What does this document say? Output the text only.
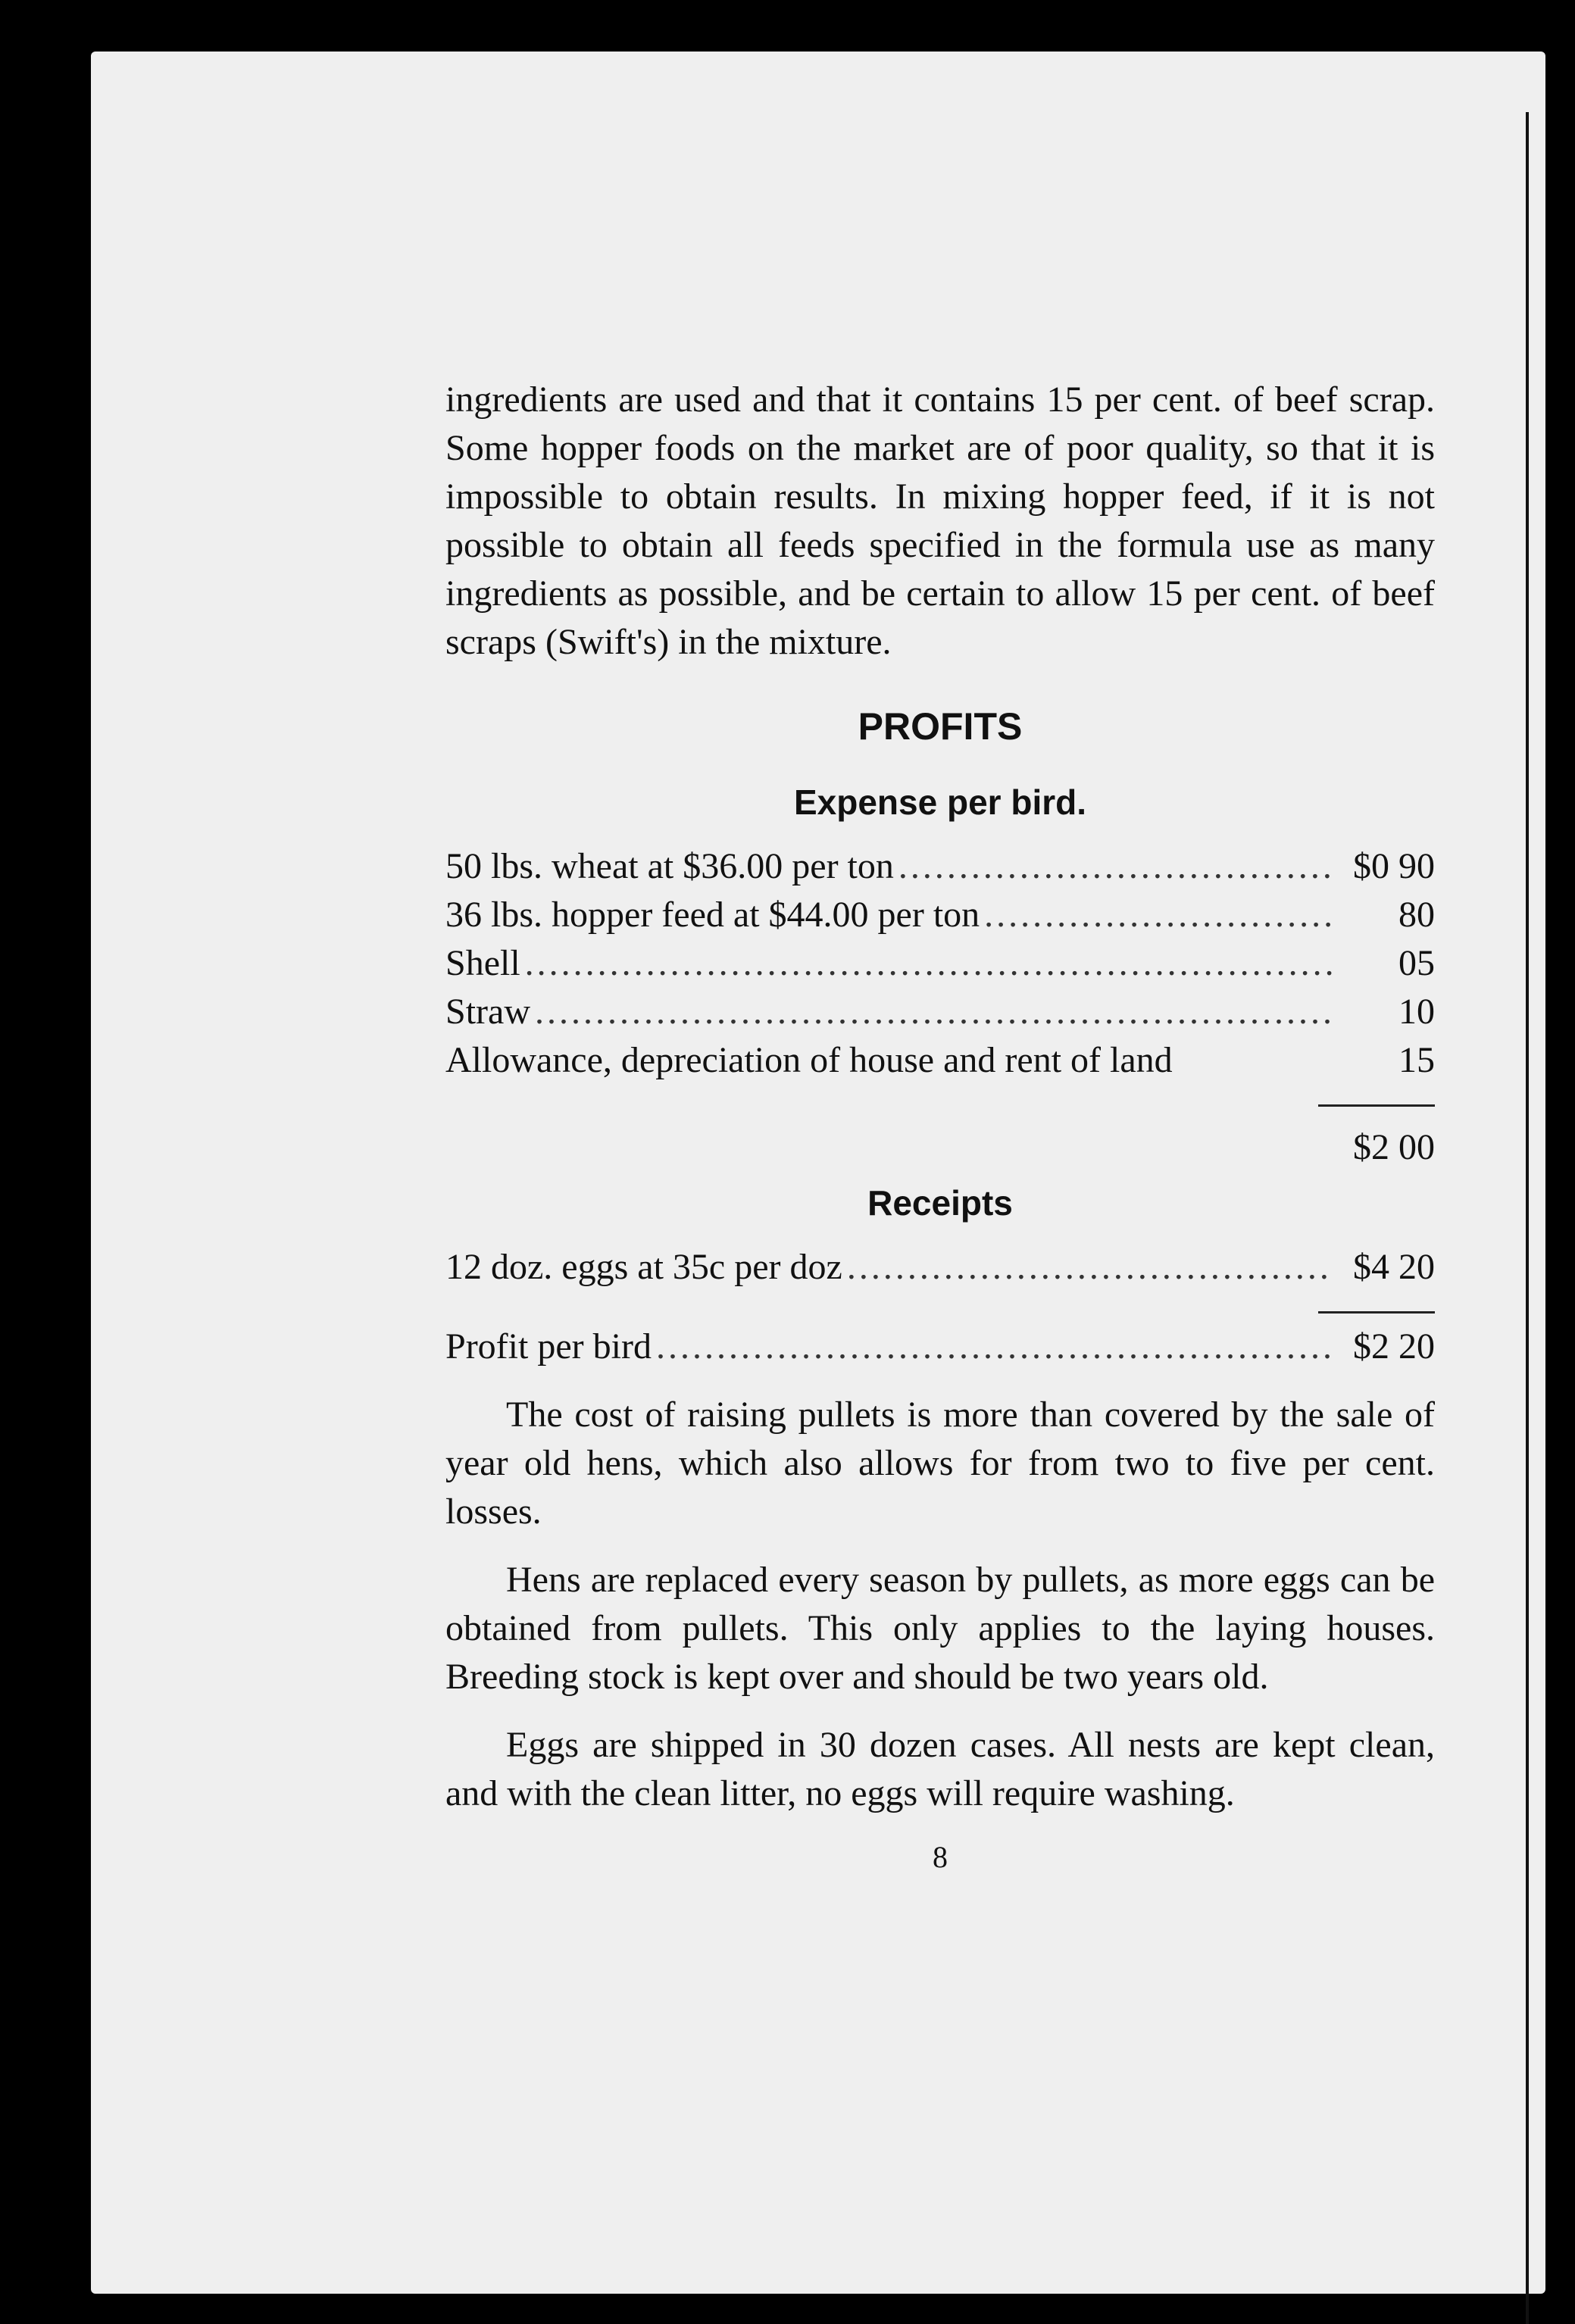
ingredients are used and that it contains 15 per cent. of beef scrap. Some hopper foods on the market are of poor quality, so that it is impossible to obtain results. In mixing hopper feed, if it is not possible to obtain all feeds specified in the formula use as many ingredients as possible, and be certain to allow 15 per cent. of beef scraps (Swift's) in the mixture.

PROFITS

Expense per bird.

50 lbs. wheat at $36.00 per ton .....	$0 90
36 lbs. hopper feed at $44.00 per ton .....	80
Shell .....	05
Straw .....	10
Allowance, depreciation of house and rent of land	15
$2 00

Receipts

12 doz. eggs at 35c per doz .....	$4 20
Profit per bird .....	$2 20

The cost of raising pullets is more than covered by the sale of year old hens, which also allows for from two to five per cent. losses.

Hens are replaced every season by pullets, as more eggs can be obtained from pullets. This only applies to the laying houses. Breeding stock is kept over and should be two years old.

Eggs are shipped in 30 dozen cases. All nests are kept clean, and with the clean litter, no eggs will require washing.

8
